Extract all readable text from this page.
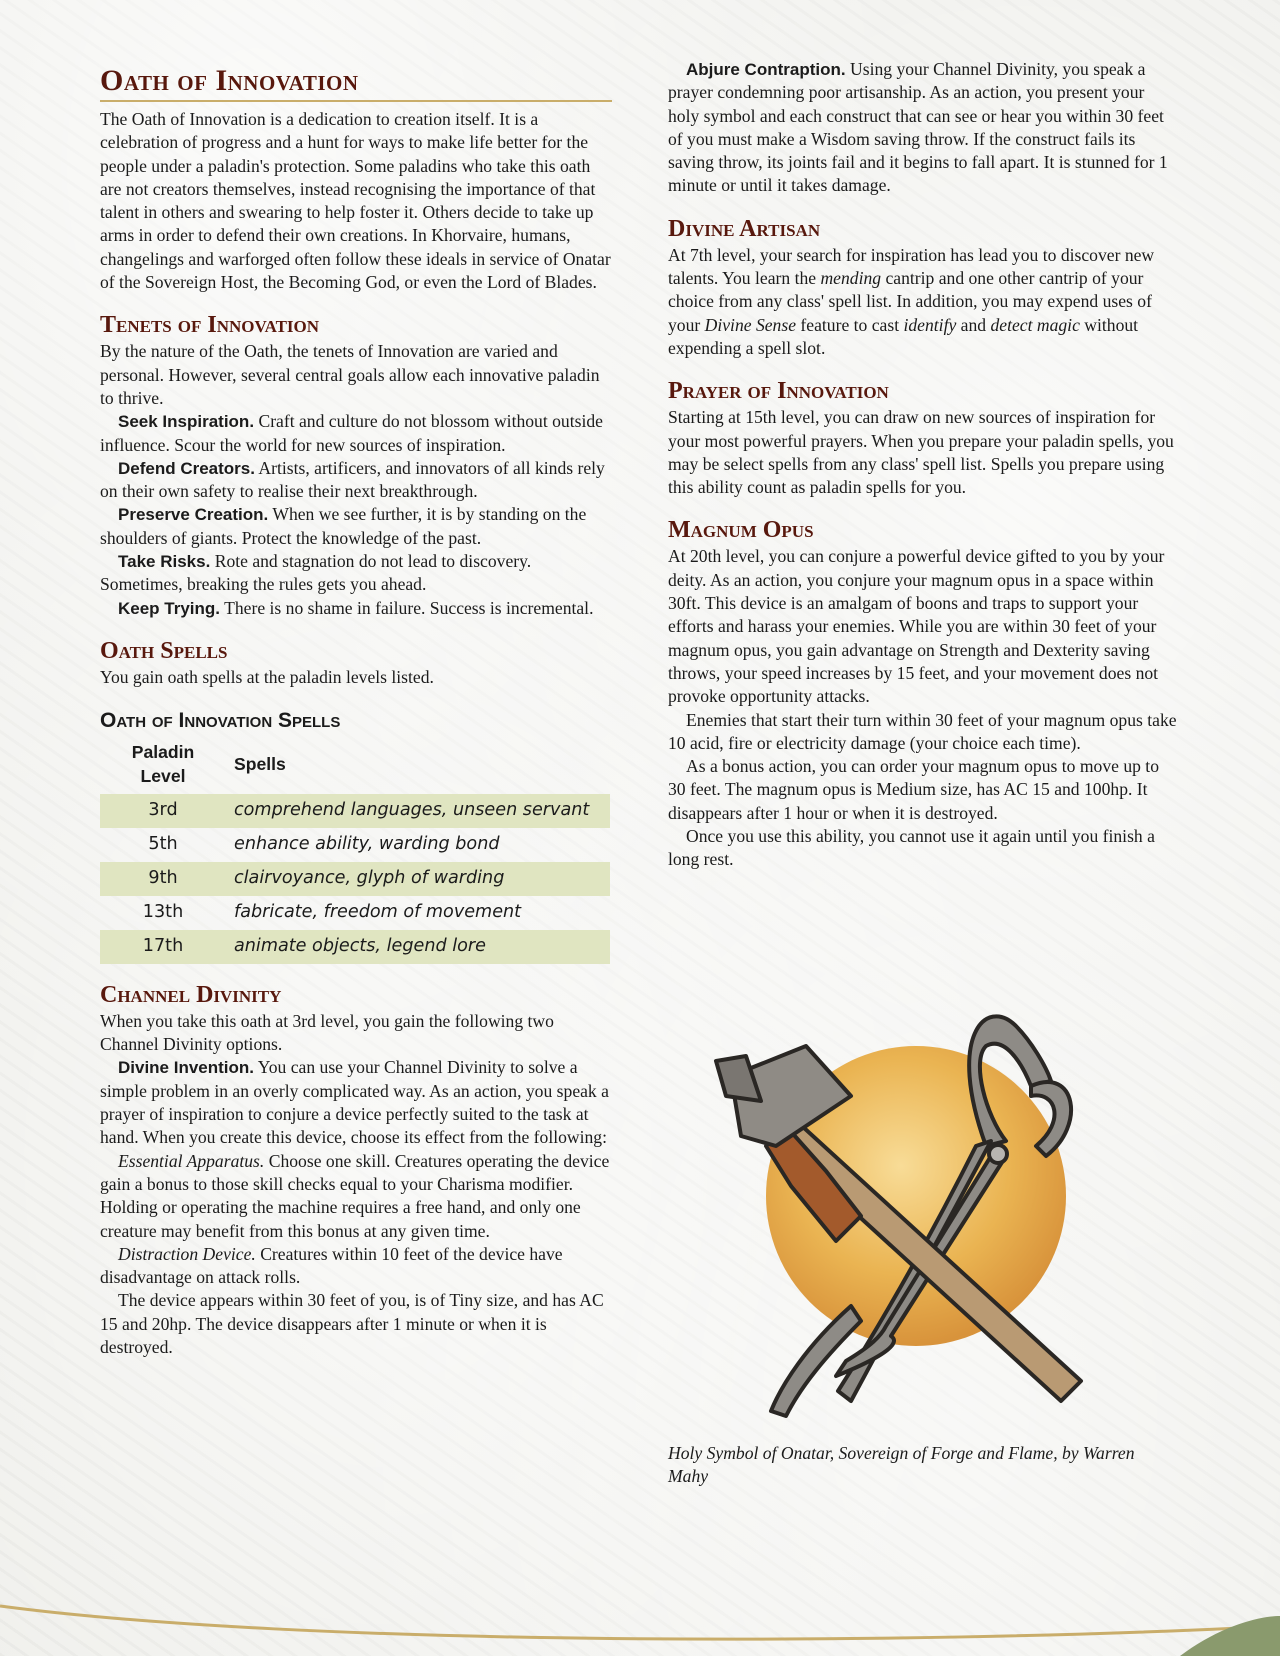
Oath of Innovation

The Oath of Innovation is a dedication to creation itself. It is a celebration of progress and a hunt for ways to make life better for the people under a paladin's protection. Some paladins who take this oath are not creators themselves, instead recognising the importance of that talent in others and swearing to help foster it. Others decide to take up arms in order to defend their own creations. In Khorvaire, humans, changelings and warforged often follow these ideals in service of Onatar of the Sovereign Host, the Becoming God, or even the Lord of Blades.

Tenets of Innovation

By the nature of the Oath, the tenets of Innovation are varied and personal. However, several central goals allow each innovative paladin to thrive.

Seek Inspiration. Craft and culture do not blossom without outside influence. Scour the world for new sources of inspiration.

Defend Creators. Artists, artificers, and innovators of all kinds rely on their own safety to realise their next breakthrough.

Preserve Creation. When we see further, it is by standing on the shoulders of giants. Protect the knowledge of the past.

Take Risks. Rote and stagnation do not lead to discovery. Sometimes, breaking the rules gets you ahead.

Keep Trying. There is no shame in failure. Success is incremental.

Oath Spells

You gain oath spells at the paladin levels listed.

Oath of Innovation Spells
Paladin Level	Spells
3rd	comprehend languages, unseen servant
5th	enhance ability, warding bond
9th	clairvoyance, glyph of warding
13th	fabricate, freedom of movement
17th	animate objects, legend lore
Channel Divinity

When you take this oath at 3rd level, you gain the following two Channel Divinity options.

Divine Invention. You can use your Channel Divinity to solve a simple problem in an overly complicated way. As an action, you speak a prayer of inspiration to conjure a device perfectly suited to the task at hand. When you create this device, choose its effect from the following:

Essential Apparatus. Choose one skill. Creatures operating the device gain a bonus to those skill checks equal to your Charisma modifier. Holding or operating the machine requires a free hand, and only one creature may benefit from this bonus at any given time.

Distraction Device. Creatures within 10 feet of the device have disadvantage on attack rolls.

The device appears within 30 feet of you, is of Tiny size, and has AC 15 and 20hp. The device disappears after 1 minute or when it is destroyed.

Abjure Contraption. Using your Channel Divinity, you speak a prayer condemning poor artisanship. As an action, you present your holy symbol and each construct that can see or hear you within 30 feet of you must make a Wisdom saving throw. If the construct fails its saving throw, its joints fail and it begins to fall apart. It is stunned for 1 minute or until it takes damage.

Divine Artisan

At 7th level, your search for inspiration has lead you to discover new talents. You learn the mending cantrip and one other cantrip of your choice from any class' spell list. In addition, you may expend uses of your Divine Sense feature to cast identify and detect magic without expending a spell slot.

Prayer of Innovation

Starting at 15th level, you can draw on new sources of inspiration for your most powerful prayers. When you prepare your paladin spells, you may be select spells from any class' spell list. Spells you prepare using this ability count as paladin spells for you.

Magnum Opus

At 20th level, you can conjure a powerful device gifted to you by your deity. As an action, you conjure your magnum opus in a space within 30ft. This device is an amalgam of boons and traps to support your efforts and harass your enemies. While you are within 30 feet of your magnum opus, you gain advantage on Strength and Dexterity saving throws, your speed increases by 15 feet, and your movement does not provoke opportunity attacks.

Enemies that start their turn within 30 feet of your magnum opus take 10 acid, fire or electricity damage (your choice each time).

As a bonus action, you can order your magnum opus to move up to 30 feet. The magnum opus is Medium size, has AC 15 and 100hp. It disappears after 1 hour or when it is destroyed.

Once you use this ability, you cannot use it again until you finish a long rest.

Holy Symbol of Onatar, Sovereign of Forge and Flame, by Warren Mahy
